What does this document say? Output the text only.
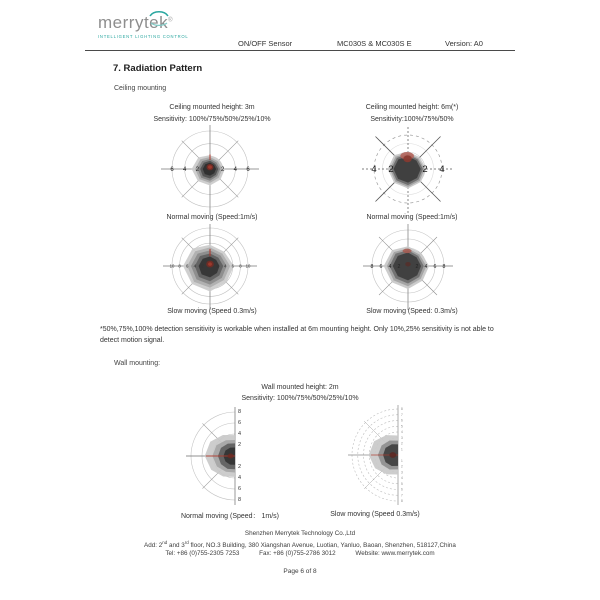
merrytek®
INTELLIGENT LIGHTING CONTROL
ON/OFF Sensor	MC030S & MC030S E	Version: A0
7. Radiation Pattern
Ceiling mounting
Ceiling mounted height: 3m
Sensitivity: 100%/75%/50%/25%/10%
Ceiling mounted height: 6m(*)
Sensitivity:100%/75%/50%
6 4 2	2 4 6	4 2	2 4
Normal moving (Speed:1m/s)	Normal moving (Speed:1m/s)
10 8 6 4 2	2 4 6 8 10	8 6 4 2	2 4 6 8
Slow moving (Speed 0.3m/s)	Slow moving (Speed: 0.3m/s)
*50%,75%,100% detection sensitivity is workable when installed at 6m mounting height. Only 10%,25% sensitivity is not able to detect motion signal.
Wall mounting:
Wall mounted height: 2m
Sensitivity: 100%/75%/50%/25%/10%
8
6
4
2
2
4
6
8
8
7
6
5
4
3
2
1
1
2
3
4
5
6
7
8
Normal moving (Speed： 1m/s)	Slow moving (Speed 0.3m/s)
Shenzhen Merrytek Technology Co.,Ltd
Add: 2nd and 3rd floor, NO.3 Building, 380 Xiangshan Avenue, Luotian, Yanluo, Baoan, Shenzhen, 518127,China
Tel: +86 (0)755-2305 7253	Fax: +86 (0)755-2786 3012	Website: www.merrytek.com
Page 6 of 8
